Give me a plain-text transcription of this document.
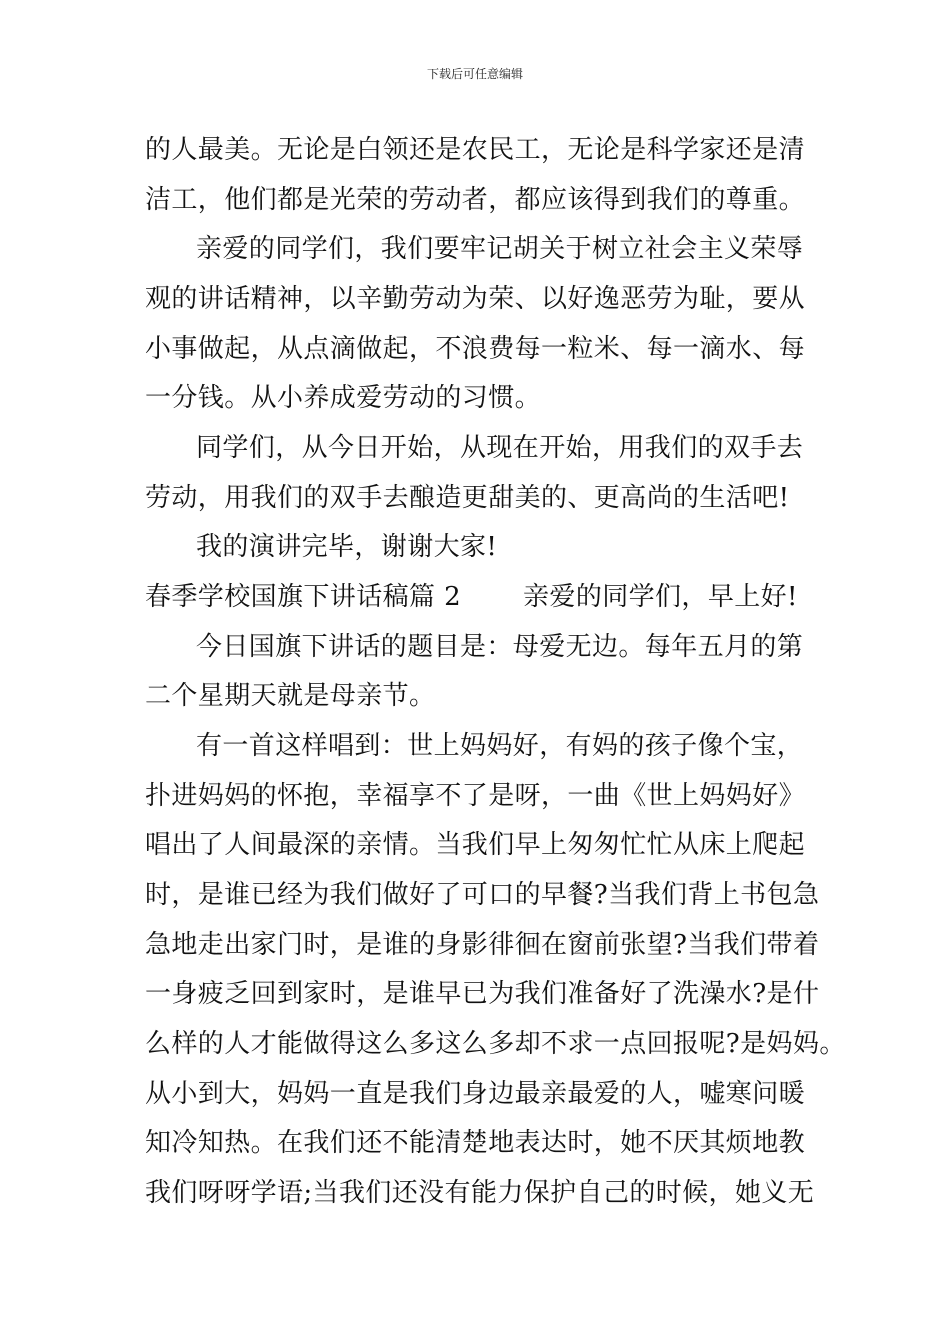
下载后可任意编辑
的人最美。无论是白领还是农民工，无论是科学家还是清
洁工，他们都是光荣的劳动者，都应该得到我们的尊重。
亲爱的同学们，我们要牢记胡关于树立社会主义荣辱
观的讲话精神，以辛勤劳动为荣、以好逸恶劳为耻，要从
小事做起，从点滴做起，不浪费每一粒米、每一滴水、每
一分钱。从小养成爱劳动的习惯。
同学们，从今日开始，从现在开始，用我们的双手去
劳动，用我们的双手去酿造更甜美的、更高尚的生活吧!
我的演讲完毕，谢谢大家!
春季学校国旗下讲话稿篇 2 亲爱的同学们，早上好!
今日国旗下讲话的题目是：母爱无边。每年五月的第
二个星期天就是母亲节。
有一首这样唱到：世上妈妈好，有妈的孩子像个宝，
扑进妈妈的怀抱，幸福享不了是呀，一曲《世上妈妈好》
唱出了人间最深的亲情。当我们早上匆匆忙忙从床上爬起
时，是谁已经为我们做好了可口的早餐?当我们背上书包急
急地走出家门时，是谁的身影徘徊在窗前张望?当我们带着
一身疲乏回到家时，是谁早已为我们准备好了洗澡水?是什
么样的人才能做得这么多这么多却不求一点回报呢?是妈妈。
从小到大，妈妈一直是我们身边最亲最爱的人，嘘寒问暖
知冷知热。在我们还不能清楚地表达时，她不厌其烦地教
我们呀呀学语;当我们还没有能力保护自己的时候，她义无
